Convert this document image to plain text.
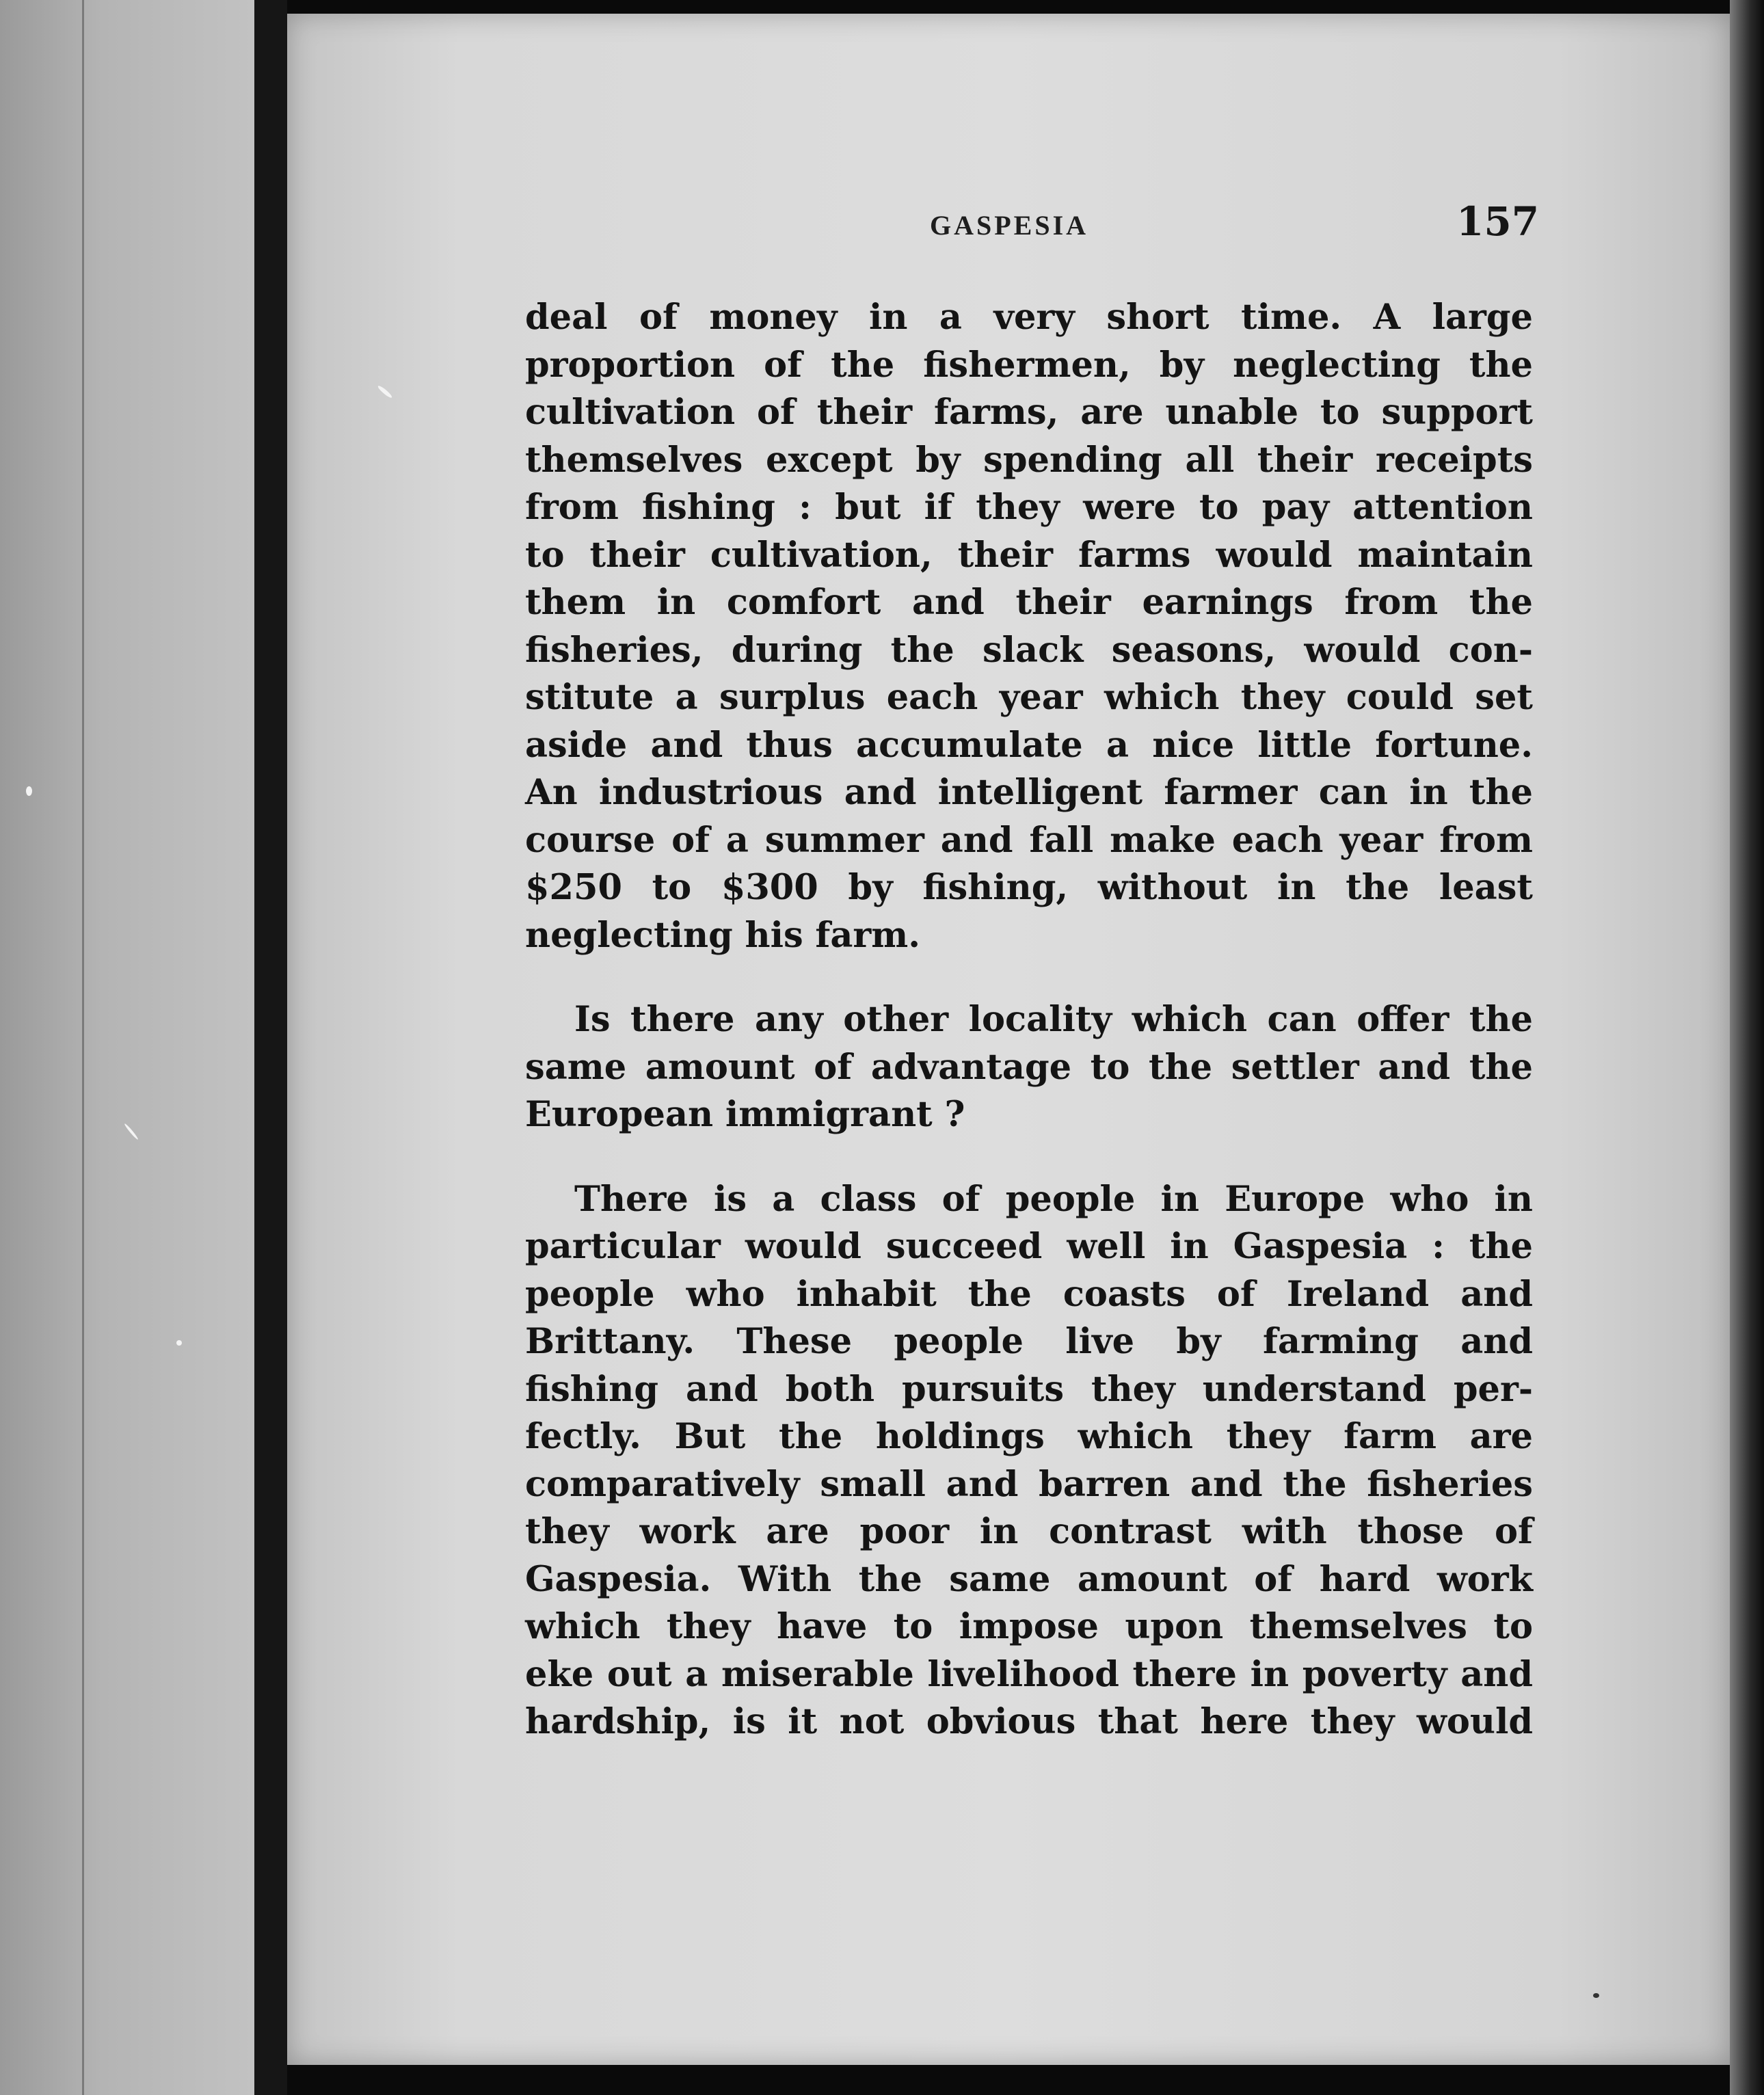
GASPESIA	157
deal of money in a very short time. A large
proportion of the fishermen, by neglecting the
cultivation of their farms, are unable to support
themselves except by spending all their receipts
from fishing : but if they were to pay attention
to their cultivation, their farms would maintain
them in comfort and their earnings from the
fisheries, during the slack seasons, would con-
stitute a surplus each year which they could set
aside and thus accumulate a nice little fortune.
An industrious and intelligent farmer can in the
course of a summer and fall make each year from
$250 to $300 by fishing, without in the least
neglecting his farm.
Is there any other locality which can offer the
same amount of advantage to the settler and the
European immigrant ?
There is a class of people in Europe who in
particular would succeed well in Gaspesia : the
people who inhabit the coasts of Ireland and
Brittany. These people live by farming and
fishing and both pursuits they understand per-
fectly. But the holdings which they farm are
comparatively small and barren and the fisheries
they work are poor in contrast with those of
Gaspesia. With the same amount of hard work
which they have to impose upon themselves to
eke out a miserable livelihood there in poverty and
hardship, is it not obvious that here they would
